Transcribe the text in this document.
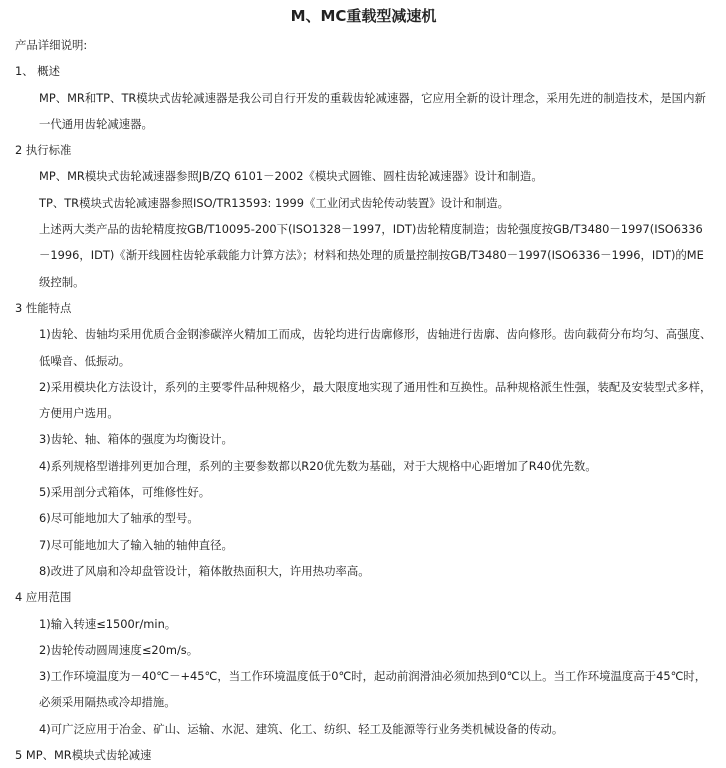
M、MC重载型减速机
产品详细说明:
1、 概述
MP、MR和TP、TR模块式齿轮减速器是我公司自行开发的重载齿轮减速器，它应用全新的设计理念，采用先进的制造技术，是国内新一代通用齿轮减速器。
2 执行标准
MP、MR模块式齿轮减速器参照JB/ZQ 6101－2002《模块式圆锥、圆柱齿轮减速器》设计和制造。
TP、TR模块式齿轮减速器参照ISO/TR13593: 1999《工业闭式齿轮传动装置》设计和制造。
上述两大类产品的齿轮精度按GB/T10095-200下(ISO1328－1997，IDT)齿轮精度制造；齿轮强度按GB/T3480－1997(ISO6336－1996，IDT)《渐开线圆柱齿轮承载能力计算方法》；材料和热处理的质量控制按GB/T3480－1997(ISO6336－1996，IDT)的ME级控制。
3 性能特点
1)齿轮、齿轴均采用优质合金钢渗碳淬火精加工而成，齿轮均进行齿廓修形，齿轴进行齿廓、齿向修形。齿向载荷分布均匀、高强度、低噪音、低振动。
2)采用模块化方法设计，系列的主要零件品种规格少，最大限度地实现了通用性和互换性。品种规格派生性强，装配及安装型式多样，方便用户选用。
3)齿轮、轴、箱体的强度为均衡设计。
4)系列规格型谱排列更加合理，系列的主要参数都以R20优先数为基础，对于大规格中心距增加了R40优先数。
5)采用剖分式箱体，可维修性好。
6)尽可能地加大了轴承的型号。
7)尽可能地加大了输入轴的轴伸直径。
8)改进了风扇和冷却盘管设计，箱体散热面积大，许用热功率高。
4 应用范围
1)输入转速≤1500r/min。
2)齿轮传动圆周速度≤20m/s。
3)工作环境温度为－40℃－+45℃，当工作环境温度低于0℃时，起动前润滑油必须加热到0℃以上。当工作环境温度高于45℃时，必须采用隔热或冷却措施。
4)可广泛应用于冶金、矿山、运输、水泥、建筑、化工、纺织、轻工及能源等行业务类机械设备的传动。
5 MP、MR模块式齿轮减速
